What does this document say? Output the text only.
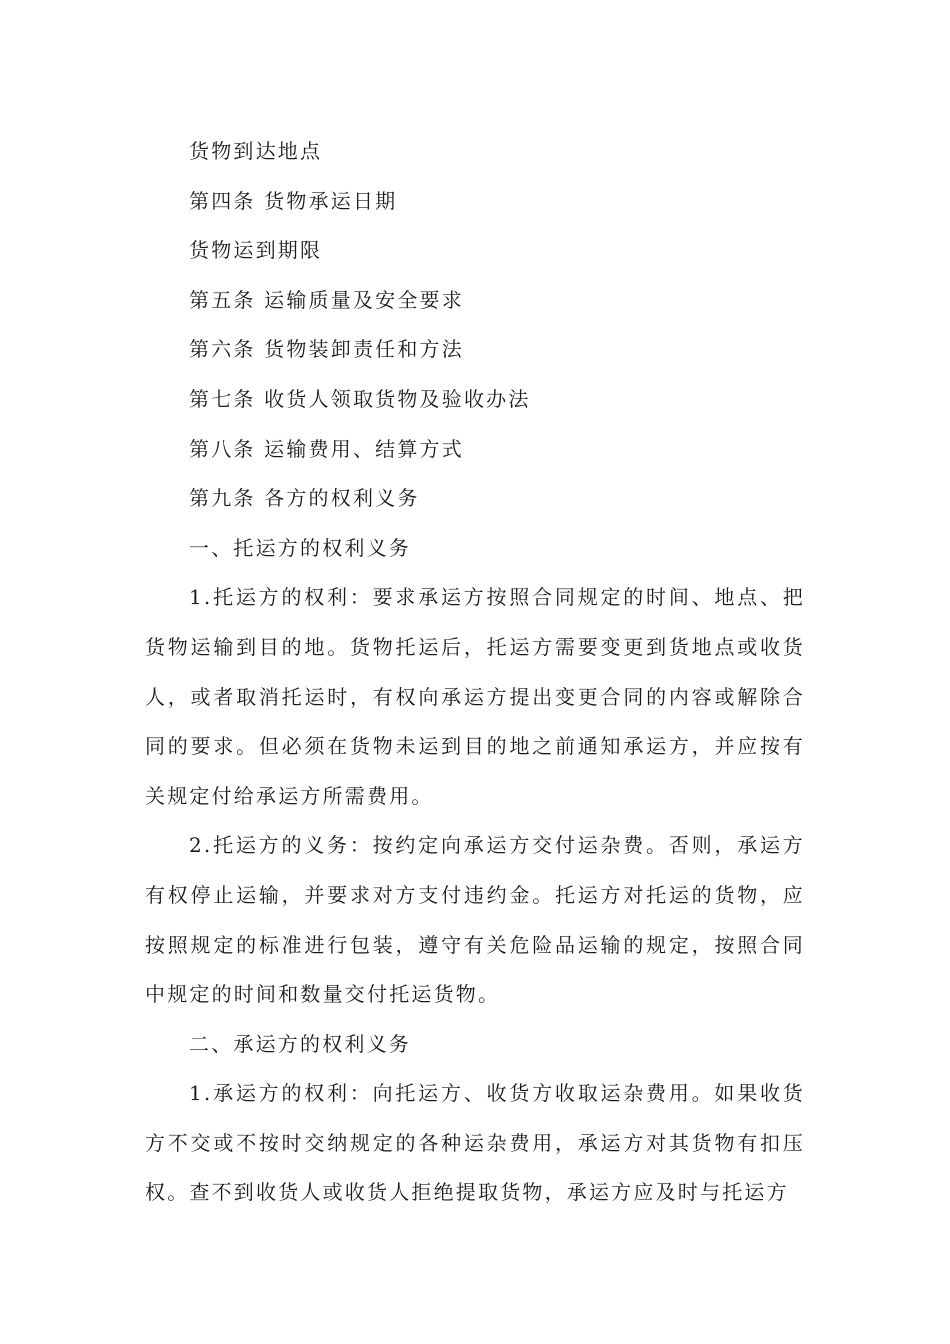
货物到达地点
第四条 货物承运日期
货物运到期限
第五条 运输质量及安全要求
第六条 货物装卸责任和方法
第七条 收货人领取货物及验收办法
第八条 运输费用、结算方式
第九条 各方的权利义务
一、托运方的权利义务
1.托运方的权利：要求承运方按照合同规定的时间、地点、把货物运输到目的地。货物托运后，托运方需要变更到货地点或收货人，或者取消托运时，有权向承运方提出变更合同的内容或解除合同的要求。但必须在货物未运到目的地之前通知承运方，并应按有关规定付给承运方所需费用。
2.托运方的义务：按约定向承运方交付运杂费。否则，承运方有权停止运输，并要求对方支付违约金。托运方对托运的货物，应按照规定的标准进行包装，遵守有关危险品运输的规定，按照合同中规定的时间和数量交付托运货物。
二、承运方的权利义务
1.承运方的权利：向托运方、收货方收取运杂费用。如果收货方不交或不按时交纳规定的各种运杂费用，承运方对其货物有扣压权。查不到收货人或收货人拒绝提取货物，承运方应及时与托运方
